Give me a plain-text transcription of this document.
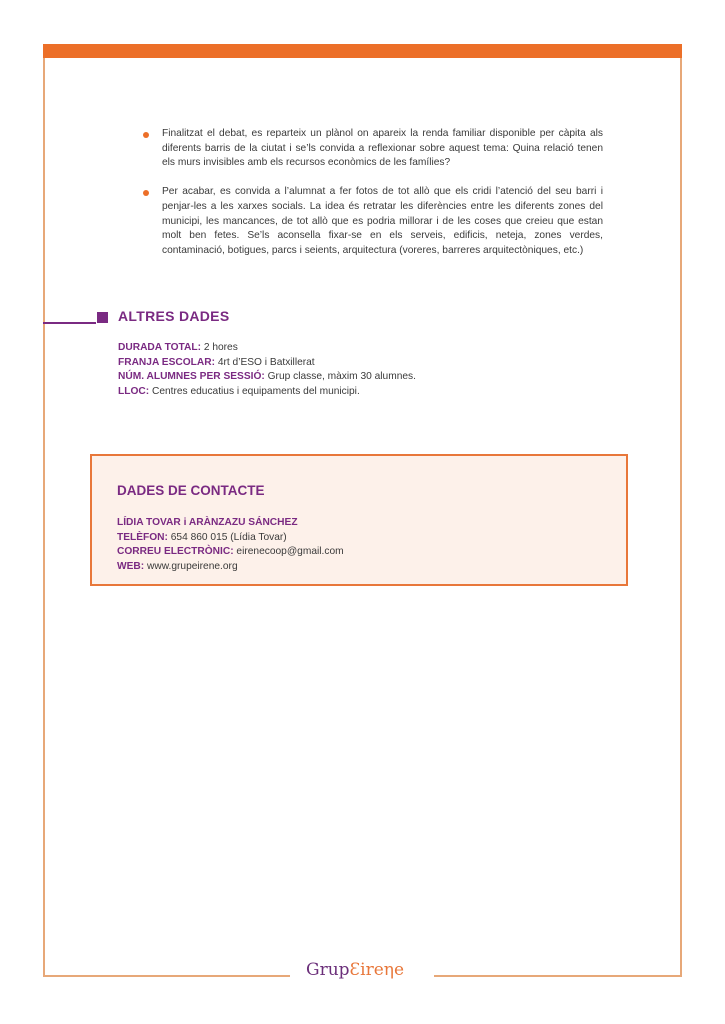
Finalitzat el debat, es reparteix un plànol on apareix la renda familiar disponible per càpita als diferents barris de la ciutat i se’ls convida a reflexionar sobre aquest tema: Quina relació tenen els murs invisibles amb els recursos econòmics de les famílies?
Per acabar, es convida a l’alumnat a fer fotos de tot allò que els cridi l’atenció del seu barri i penjar-les a les xarxes socials. La idea és retratar les diferències entre les diferents zones del municipi, les mancances, de tot allò que es podria millorar i de les coses que creieu que estan molt ben fetes. Se’ls aconsella fixar-se en els serveis, edificis, neteja, zones verdes, contaminació, botigues, parcs i seients, arquitectura (voreres, barreres arquitectòniques, etc.)
ALTRES DADES
DURADA TOTAL: 2 hores
FRANJA ESCOLAR: 4rt d’ESO i Batxillerat
NÚM. ALUMNES PER SESSIÓ: Grup classe, màxim 30 alumnes.
LLOC: Centres educatius i equipaments del municipi.
DADES DE CONTACTE
LÍDIA TOVAR i ARÀNZAZU SÁNCHEZ
TELÈFON: 654 860 015 (Lídia Tovar)
CORREU ELECTRÒNIC: eirenecoop@gmail.com
WEB: www.grupeirene.org
GrupƐireηe
